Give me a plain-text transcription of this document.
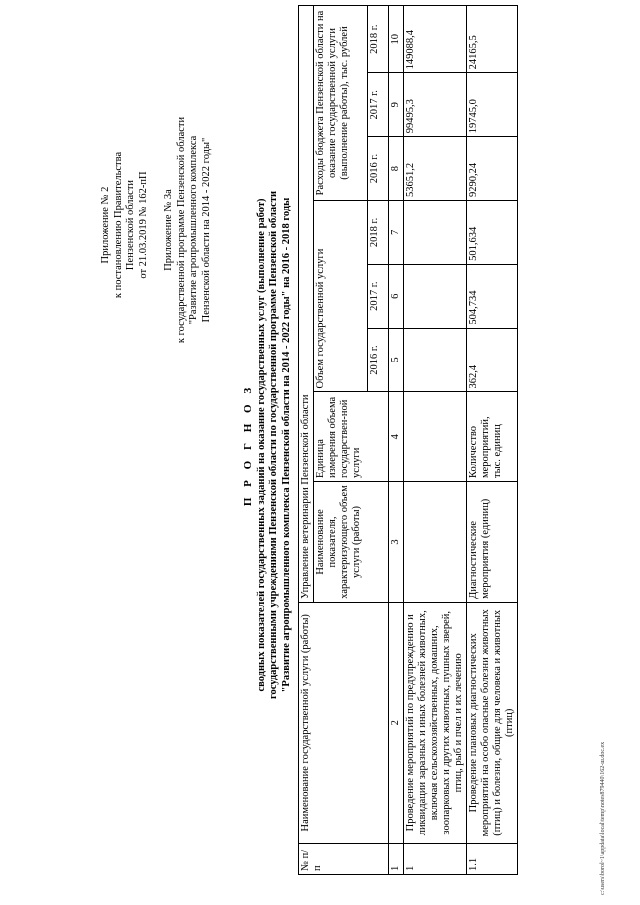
Приложение № 2 к постановлению Правительства Пензенской области от 21.03.2019 № 162-пП Приложение № 3а к государственной программе Пензенской области "Развитие агропромышленного комплекса Пензенской области на 2014 - 2022 годы"
П Р О Г Н О З сводных показателей государственных заданий на оказание государственных услуг (выполнение работ) государственными учреждениями Пензенской области по государственной программе Пензенской области "Развитие агропромышленного комплекса Пензенской области на 2014 - 2022 годы" на 2016 - 2018 годы
№ п/п	Наименование государственной услуги (работы)	Управление ветеринарии Пензенской области							
		Наименование показателя, характеризующего объем услуги (работы)	Единица измерения объема государствен-ной услуги	Объем государственной услуги			Расходы бюджета Пензенской области на оказание государственной услуги (выполнение работы), тыс. рублей		
				2016 г.	2017 г.	2018 г.	2016 г.	2017 г.	2018 г.
1	2	3	4	5	6	7	8	9	10
1	Проведение мероприятий по предупреждению и ликвидации заразных и иных болезней животных, включая сельскохозяйственных, домашних, зоопарковых и других животных, пушных зверей, птиц, рыб и пчел и их лечению						53651,2	99495,3	149088,4
1.1	Проведение плановых диагностических мероприятий на особо опасные болезни животных (птиц) и болезни, общие для человека и животных (птиц)	Диагностические мероприятия (единиц)	Количество мероприятий, тыс. единиц	362,4	504,734	501,634	9290,24	19745,0	24165,5
c:\users\borol~1\appdata\local\temp\notes879440\162-ш.doc.ex
